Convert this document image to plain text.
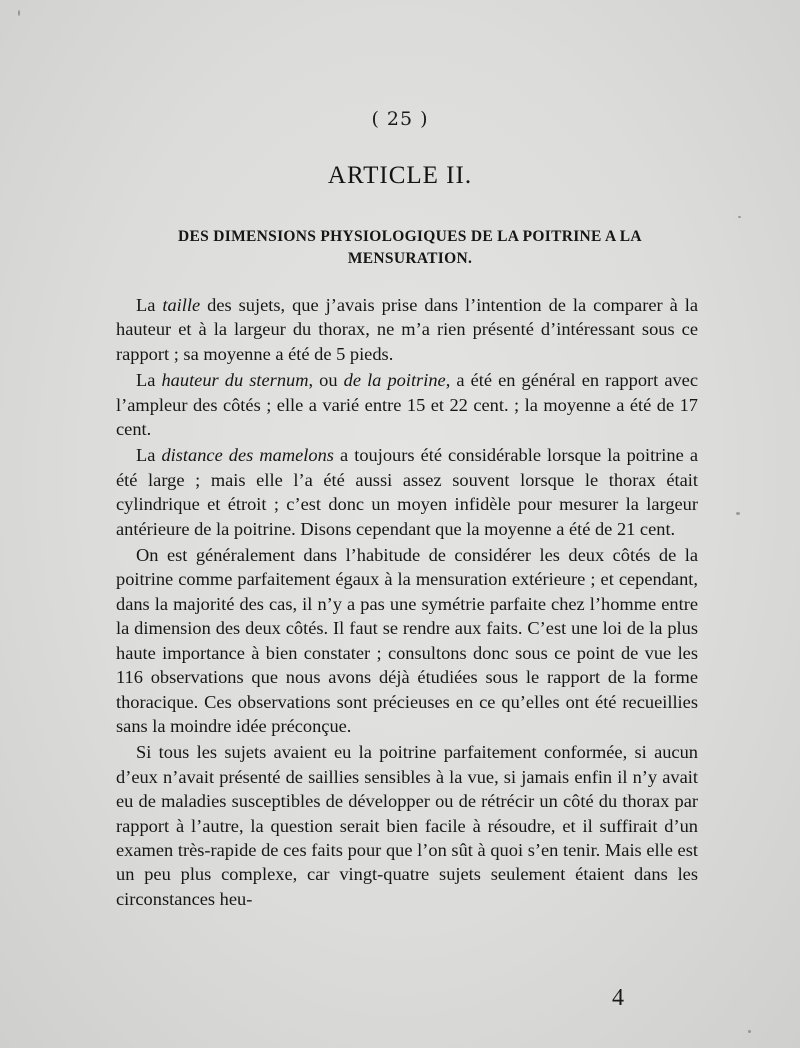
( 25 )
ARTICLE II.
DES DIMENSIONS PHYSIOLOGIQUES DE LA POITRINE A LA MENSURATION.

La taille des sujets, que j’avais prise dans l’intention de la comparer à la hauteur et à la largeur du thorax, ne m’a rien présenté d’intéressant sous ce rapport ; sa moyenne a été de 5 pieds.

La hauteur du sternum, ou de la poitrine, a été en général en rapport avec l’ampleur des côtés ; elle a varié entre 15 et 22 cent. ; la moyenne a été de 17 cent.

La distance des mamelons a toujours été considérable lorsque la poitrine a été large ; mais elle l’a été aussi assez souvent lorsque le thorax était cylindrique et étroit ; c’est donc un moyen infidèle pour mesurer la largeur antérieure de la poitrine. Disons cependant que la moyenne a été de 21 cent.

On est généralement dans l’habitude de considérer les deux côtés de la poitrine comme parfaitement égaux à la mensuration extérieure ; et cependant, dans la majorité des cas, il n’y a pas une symétrie parfaite chez l’homme entre la dimension des deux côtés. Il faut se rendre aux faits. C’est une loi de la plus haute importance à bien constater ; consultons donc sous ce point de vue les 116 observations que nous avons déjà étudiées sous le rapport de la forme thoracique. Ces observations sont précieuses en ce qu’elles ont été recueillies sans la moindre idée préconçue.

Si tous les sujets avaient eu la poitrine parfaitement conformée, si aucun d’eux n’avait présenté de saillies sensibles à la vue, si jamais enfin il n’y avait eu de maladies susceptibles de développer ou de rétrécir un côté du thorax par rapport à l’autre, la question serait bien facile à résoudre, et il suffirait d’un examen très-rapide de ces faits pour que l’on sût à quoi s’en tenir. Mais elle est un peu plus complexe, car vingt-quatre sujets seulement étaient dans les circonstances heu-

4
